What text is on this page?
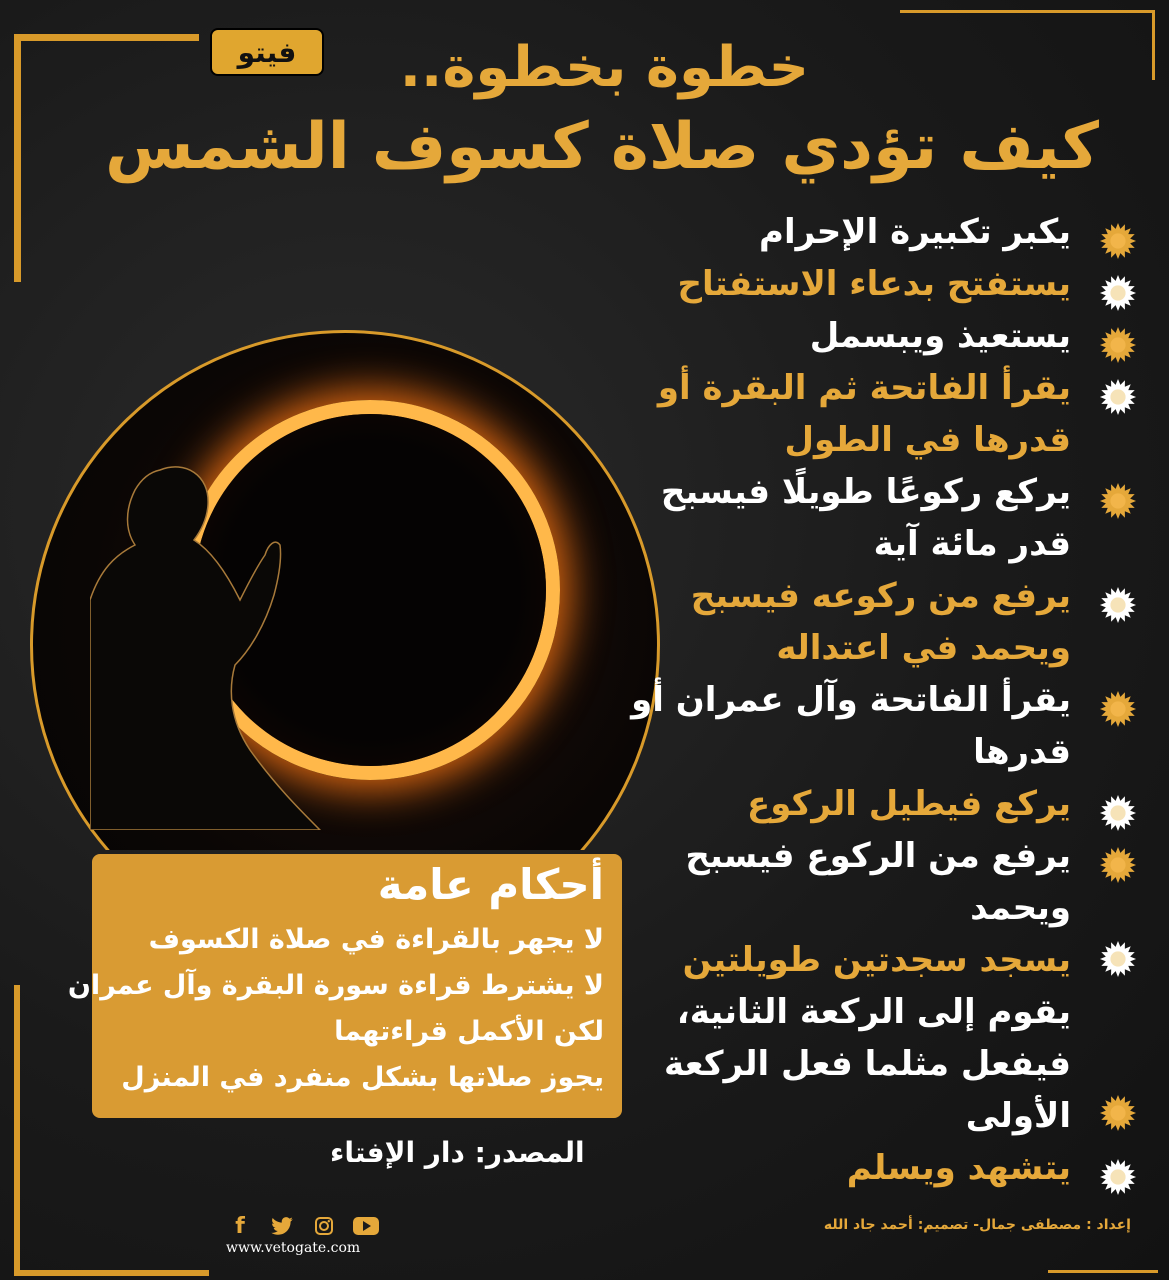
فيتو	خطوة بخطوة..
كيف تؤدي صلاة كسوف الشمس
أحكام عامة
لا يجهر بالقراءة في صلاة الكسوف
لا يشترط قراءة سورة البقرة وآل عمران
لكن الأكمل قراءتهما
يجوز صلاتها بشكل منفرد في المنزل
المصدر: دار الإفتاء
f
www.vetogate.com
إعداد : مصطفى جمال- تصميم: أحمد جاد الله
يكبر تكبيرة الإحرام
يستفتح بدعاء الاستفتاح
يستعيذ ويبسمل
يقرأ الفاتحة ثم البقرة أو
قدرها في الطول
يركع ركوعًا طويلًا فيسبح
قدر مائة آية
يرفع من ركوعه فيسبح
ويحمد في اعتداله
يقرأ الفاتحة وآل عمران أو
قدرها
يركع فيطيل الركوع
يرفع من الركوع فيسبح
ويحمد
يسجد سجدتين طويلتين
يقوم إلى الركعة الثانية،
فيفعل مثلما فعل الركعة
الأولى
يتشهد ويسلم
